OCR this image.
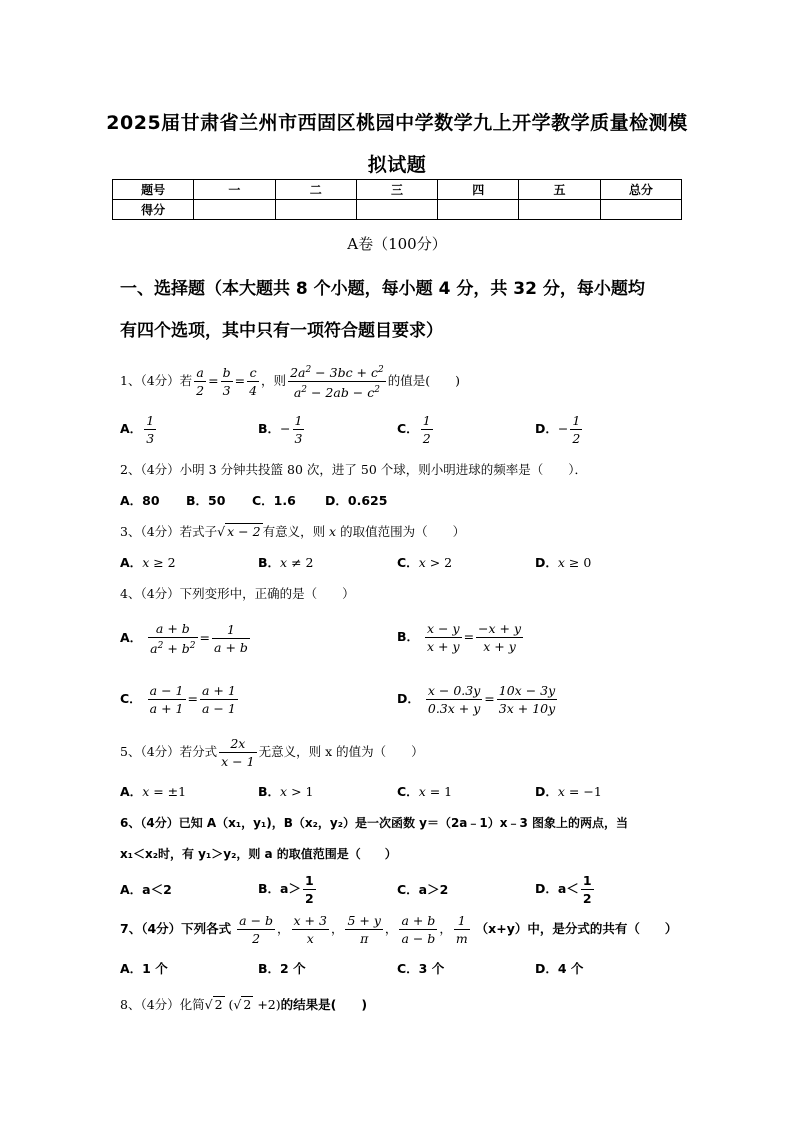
2025届甘肃省兰州市西固区桃园中学数学九上开学教学质量检测模
拟试题
题号	一	二	三	四	五	总分
得分						
A卷（100分）
一、选择题（本大题共 8 个小题，每小题 4 分，共 32 分，每小题均
有四个选项，其中只有一项符合题目要求）
1、（4分）若 $\frac{a}{2} = \frac{b}{3} = \frac{c}{4}$ ，则 $\frac{2a^2 - 3bc + c^2}{a^2 - 2ab - c^2}$ 的值是(　　)
A． $\frac{1}{3}$	B．− $\frac{1}{3}$	C． $\frac{1}{2}$	D．− $\frac{1}{2}$
2、（4分）小明 3 分钟共投篮 80 次，进了 50 个球，则小明进球的频率是（　　）．
A．80 B．50 C．1.6 D．0.625
3、（4分）若式子√ x − 2 有意义，则 x 的取值范围为（　　）
A．x ≥ 2	B．x ≠ 2	C．x > 2	D．x ≥ 0
4、（4分）下列变形中，正确的是（　　）
A． $\frac{a + b}{a^2 + b^2} = \frac{1}{a + b}$	B． $\frac{x - y}{x + y} = \frac{-x + y}{x + y}$
C． $\frac{a - 1}{a + 1} = \frac{a + 1}{a - 1}$	D． $\frac{x - 0.3y}{0.3x + y} = \frac{10x - 3y}{3x + 10y}$
5、（4分）若分式 $\frac{2x}{x - 1}$ 无意义，则 x 的值为（　　）
A．x = ±1	B．x > 1	C．x = 1	D．x = −1
6、（4分）已知 A（x₁，y₁)，B（x₂，y₂）是一次函数 y＝（2a﹣1）x﹣3 图象上的两点，当
x₁＜x₂时，有 y₁＞y₂，则 a 的取值范围是（　　）
A．a＜2	B．$a> \frac{1}{2}$	C．a＞2	D．$a< \frac{1}{2}$
7、（4分）下列各式 $\frac{a - b}{2}$ ， $\frac{x + 3}{x}$ ， $\frac{5 + y}{\pi}$ ， $\frac{a + b}{a - b}$ ， $\frac{1}{m} (x+y)$中，是分式的共有（　　）
A．1 个	B．2 个	C．3 个	D．4 个
8、（4分）化简√ 2 (√ 2 +2)的结果是(　　)
